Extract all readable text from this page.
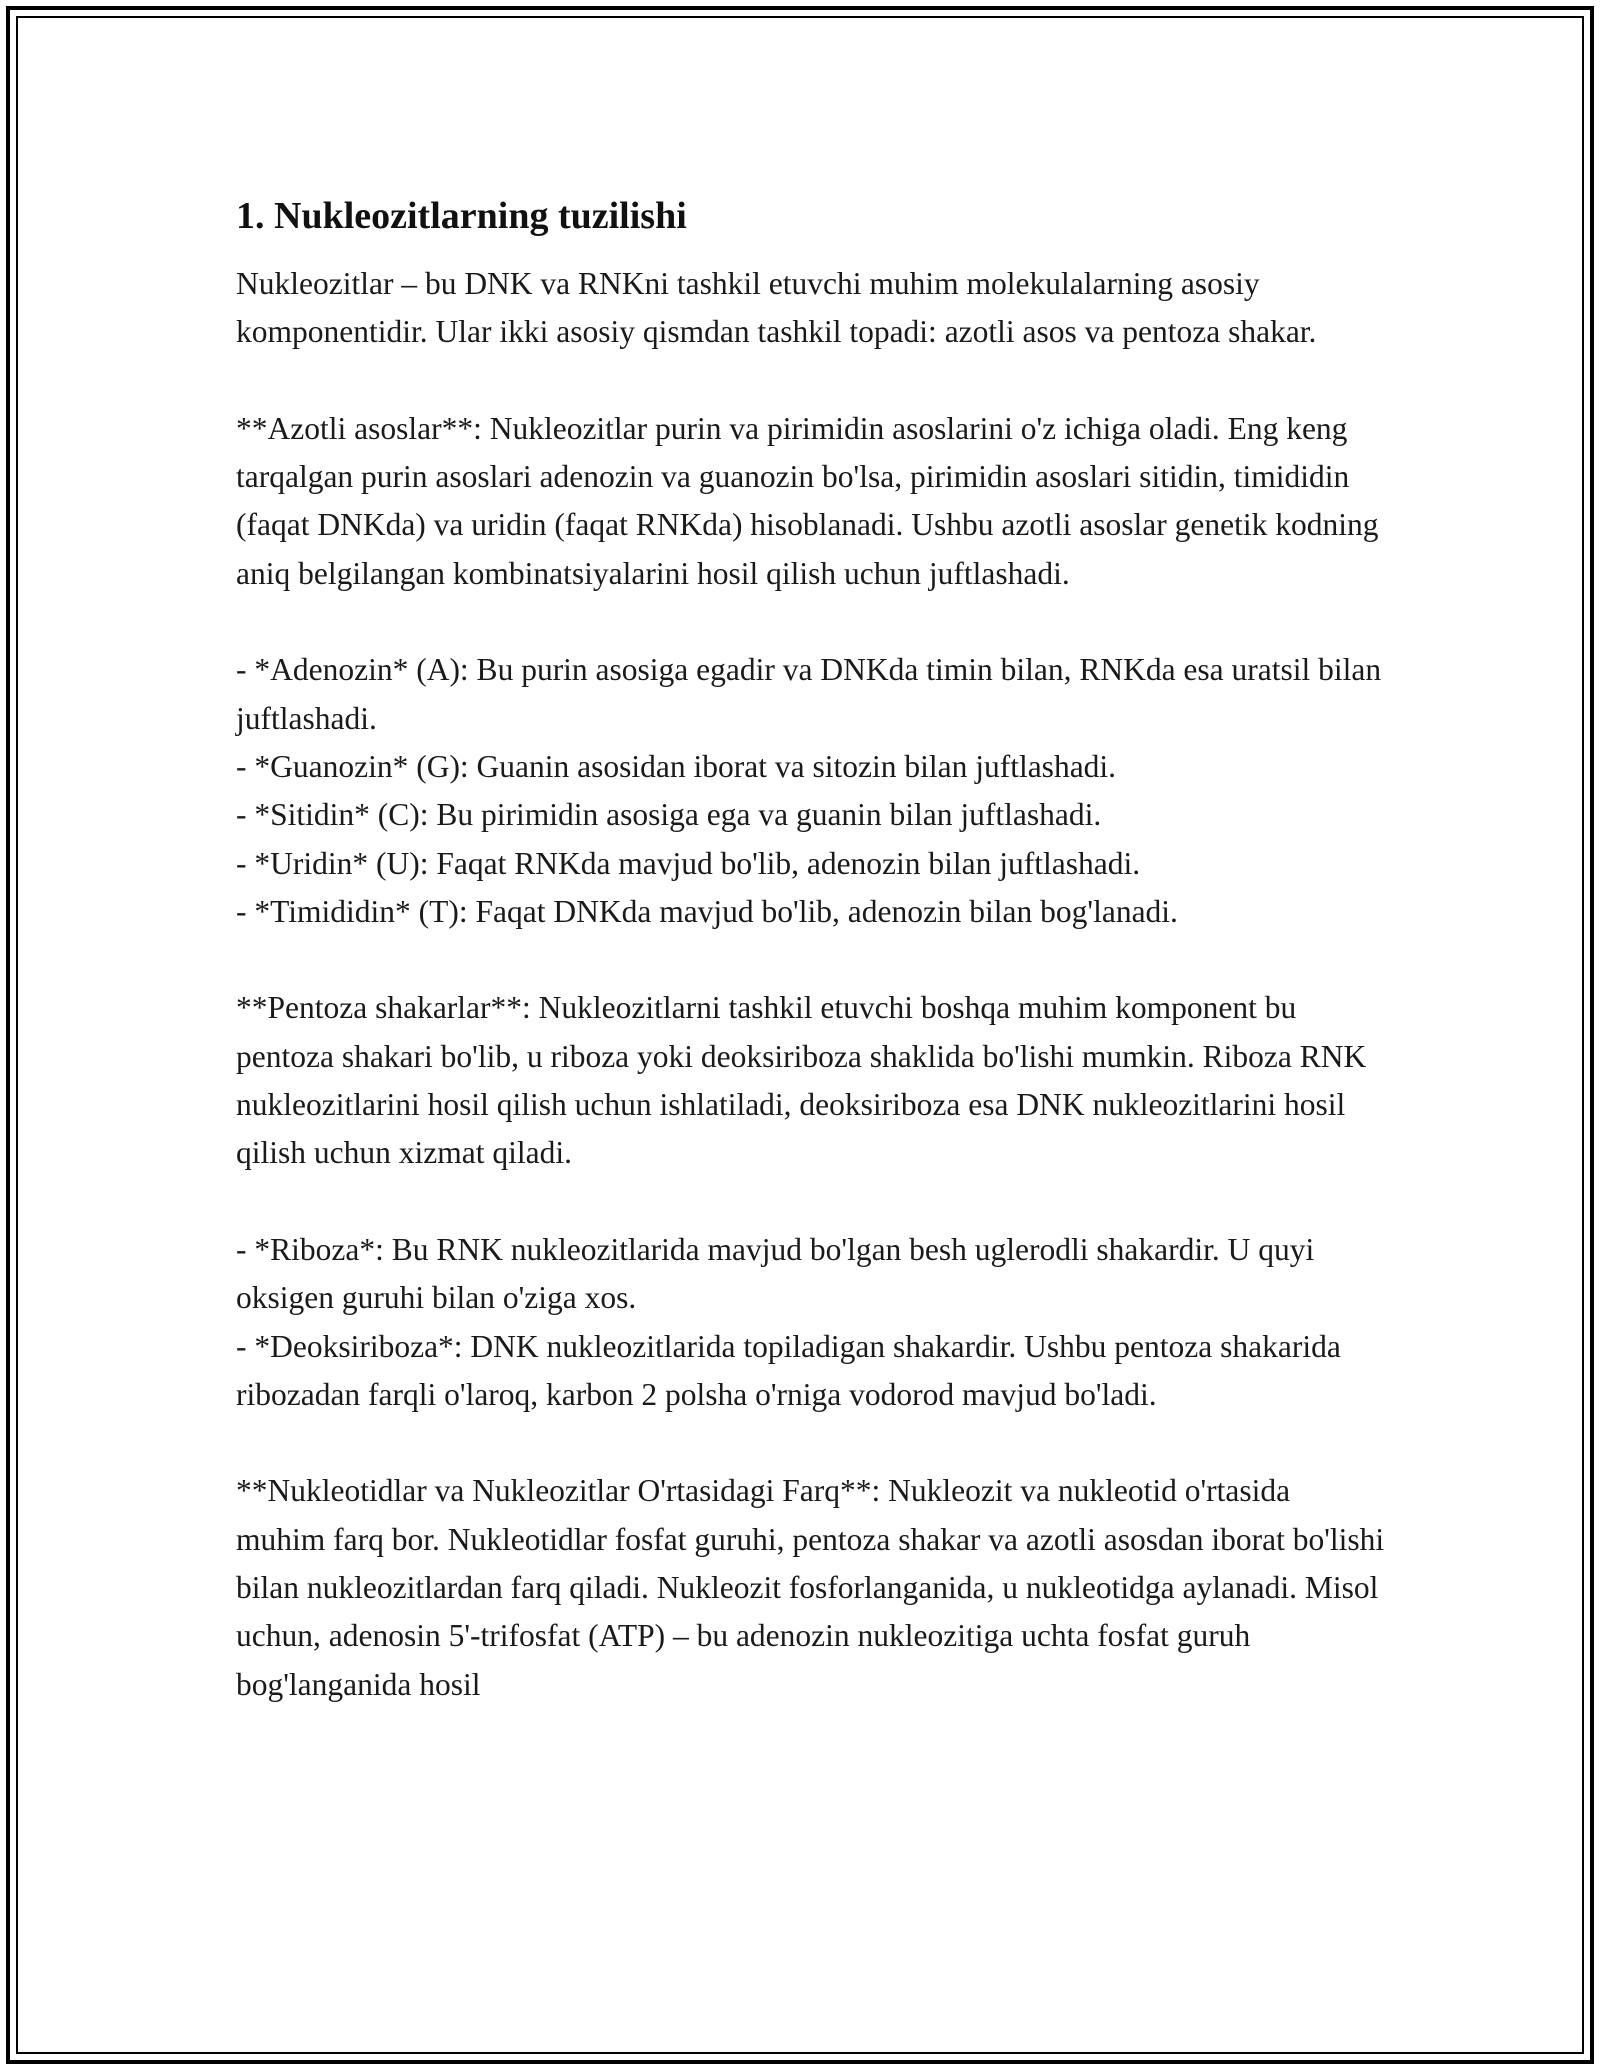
1. Nukleozitlarning tuzilishi

Nukleozitlar – bu DNK va RNKni tashkil etuvchi muhim molekulalarning asosiy komponentidir. Ular ikki asosiy qismdan tashkil topadi: azotli asos va pentoza shakar.

**Azotli asoslar**: Nukleozitlar purin va pirimidin asoslarini o'z ichiga oladi. Eng keng tarqalgan purin asoslari adenozin va guanozin bo'lsa, pirimidin asoslari sitidin, timididin (faqat DNKda) va uridin (faqat RNKda) hisoblanadi. Ushbu azotli asoslar genetik kodning aniq belgilangan kombinatsiyalarini hosil qilish uchun juftlashadi.

- *Adenozin* (A): Bu purin asosiga egadir va DNKda timin bilan, RNKda esa uratsil bilan juftlashadi.

- *Guanozin* (G): Guanin asosidan iborat va sitozin bilan juftlashadi.

- *Sitidin* (C): Bu pirimidin asosiga ega va guanin bilan juftlashadi.

- *Uridin* (U): Faqat RNKda mavjud bo'lib, adenozin bilan juftlashadi.

- *Timididin* (T): Faqat DNKda mavjud bo'lib, adenozin bilan bog'lanadi.

**Pentoza shakarlar**: Nukleozitlarni tashkil etuvchi boshqa muhim komponent bu pentoza shakari bo'lib, u riboza yoki deoksiriboza shaklida bo'lishi mumkin. Riboza RNK nukleozitlarini hosil qilish uchun ishlatiladi, deoksiriboza esa DNK nukleozitlarini hosil qilish uchun xizmat qiladi.

- *Riboza*: Bu RNK nukleozitlarida mavjud bo'lgan besh uglerodli shakardir. U quyi oksigen guruhi bilan o'ziga xos.

- *Deoksiriboza*: DNK nukleozitlarida topiladigan shakardir. Ushbu pentoza shakarida ribozadan farqli o'laroq, karbon 2 polsha o'rniga vodorod mavjud bo'ladi.

**Nukleotidlar va Nukleozitlar O'rtasidagi Farq**: Nukleozit va nukleotid o'rtasida muhim farq bor. Nukleotidlar fosfat guruhi, pentoza shakar va azotli asosdan iborat bo'lishi bilan nukleozitlardan farq qiladi. Nukleozit fosforlanganida, u nukleotidga aylanadi. Misol uchun, adenosin 5'-trifosfat (ATP) – bu adenozin nukleozitiga uchta fosfat guruh bog'langanida hosil
